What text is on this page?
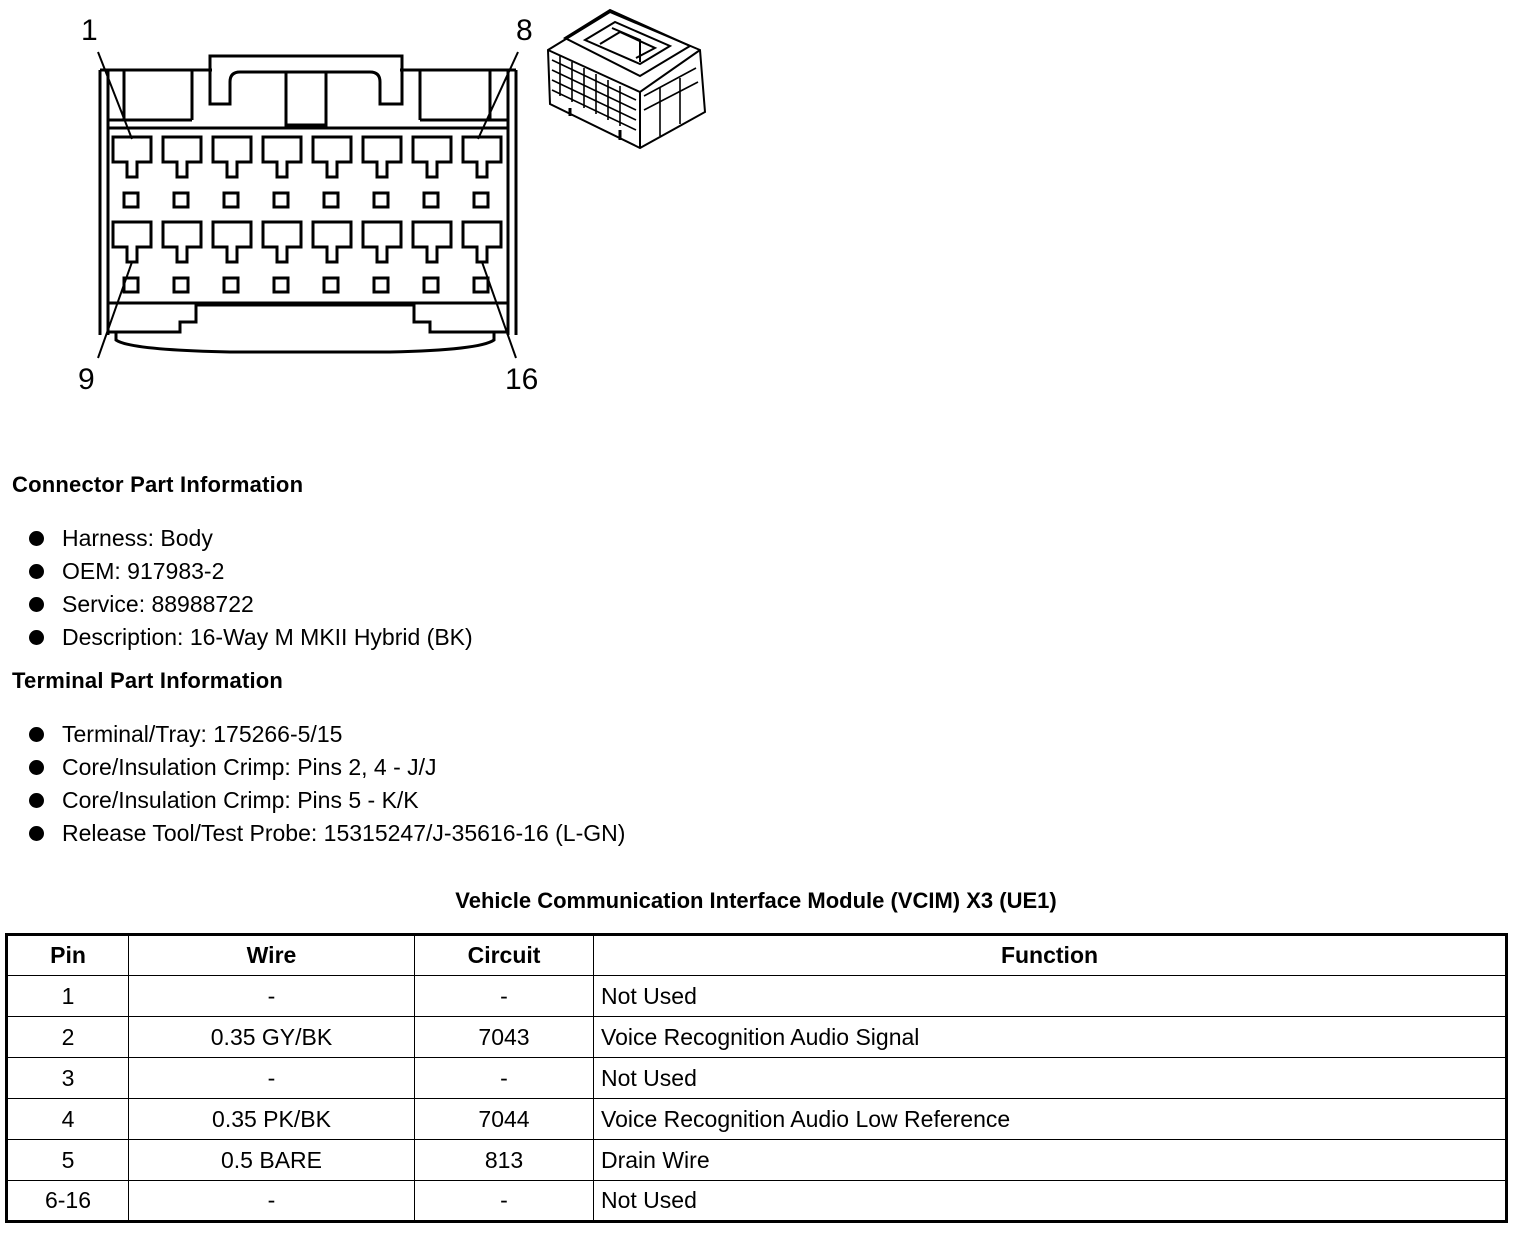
1	8
9	16
Connector Part Information
Harness: Body
OEM: 917983-2
Service: 88988722
Description: 16-Way M MKII Hybrid (BK)
Terminal Part Information
Terminal/Tray: 175266-5/15
Core/Insulation Crimp: Pins 2, 4 - J/J
Core/Insulation Crimp: Pins 5 - K/K
Release Tool/Test Probe: 15315247/J-35616-16 (L-GN)
Vehicle Communication Interface Module (VCIM) X3 (UE1)
Pin	Wire	Circuit	Function
1	-	-	Not Used
2	0.35 GY/BK	7043	Voice Recognition Audio Signal
3	-	-	Not Used
4	0.35 PK/BK	7044	Voice Recognition Audio Low Reference
5	0.5 BARE	813	Drain Wire
6-16	-	-	Not Used
